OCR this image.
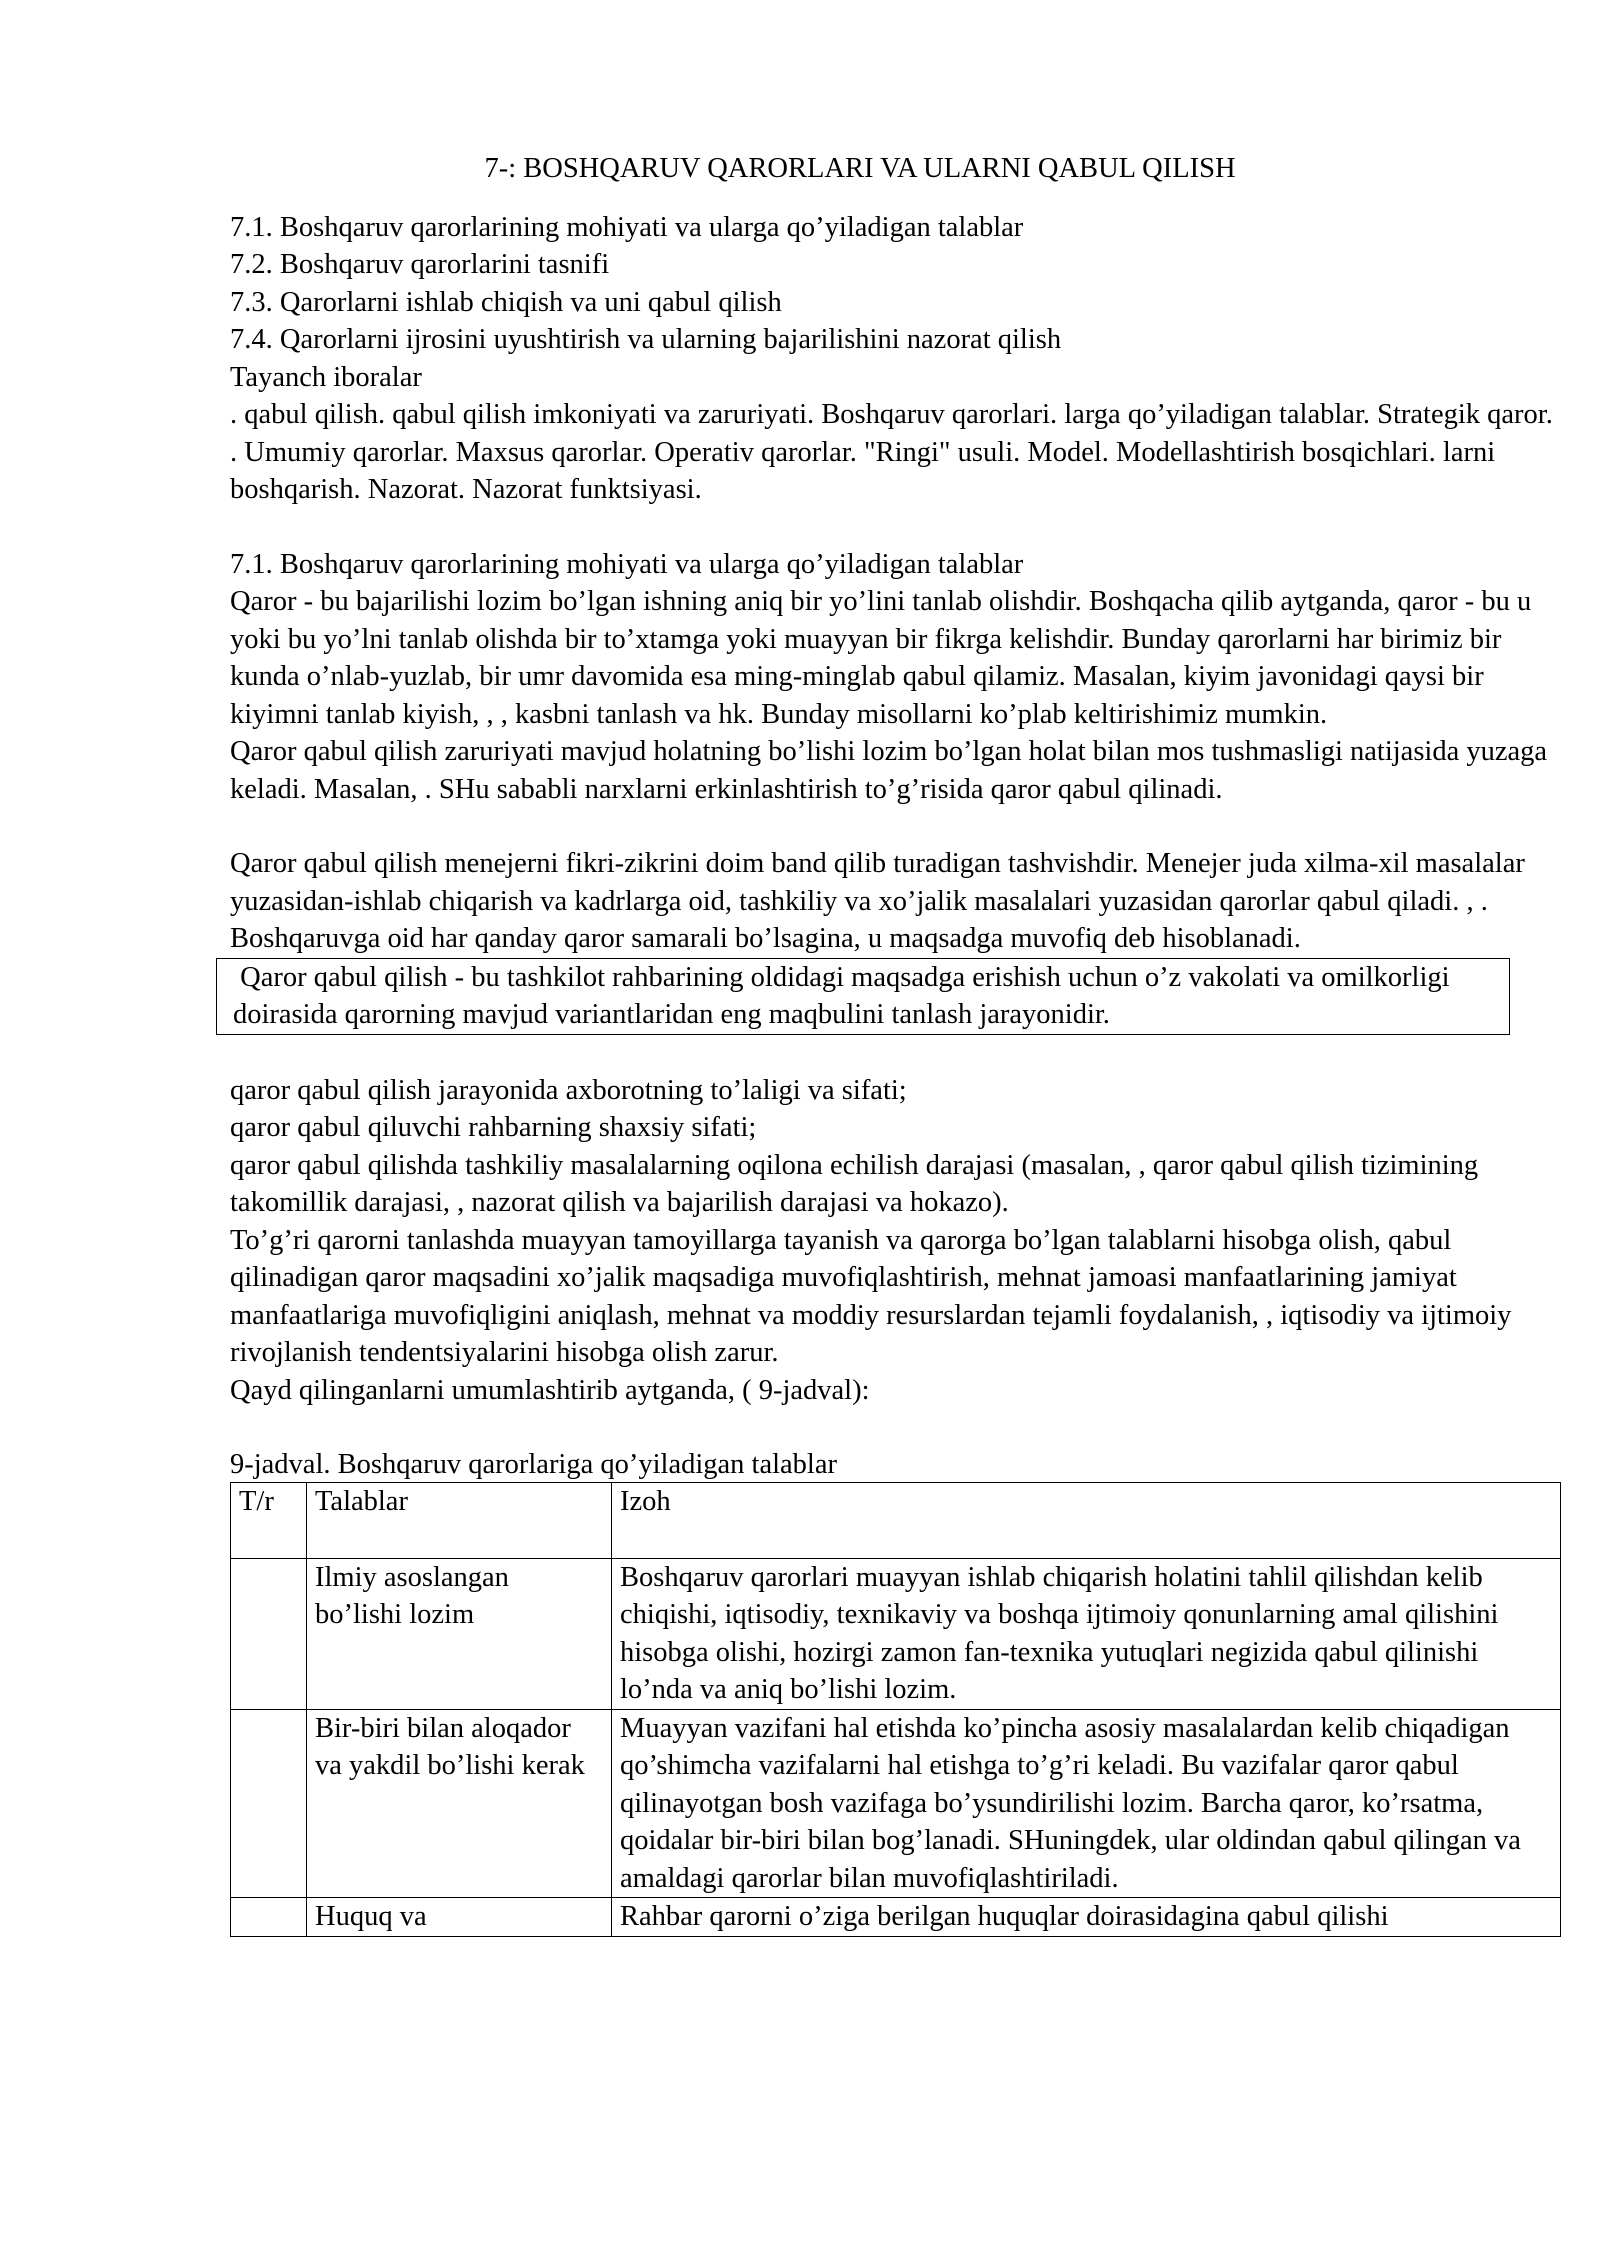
7-: BOSHQARUV QARORLARI VA ULARNI QABUL QILISH

7.1. Boshqaruv qarorlarining mohiyati va ularga qo’yiladigan talablar

7.2. Boshqaruv qarorlarini tasnifi

7.3. Qarorlarni ishlab chiqish va uni qabul qilish

7.4. Qarorlarni ijrosini uyushtirish va ularning bajarilishini nazorat qilish

Tayanch iboralar

. qabul qilish. qabul qilish imkoniyati va zaruriyati. Boshqaruv qarorlari. larga qo’yiladigan talablar. Strategik qaror. . Umumiy qarorlar. Maxsus qarorlar. Operativ qarorlar. "Ringi" usuli. Model. Modellashtirish bosqichlari. larni boshqarish. Nazorat. Nazorat funktsiyasi.

7.1. Boshqaruv qarorlarining mohiyati va ularga qo’yiladigan talablar

Qaror - bu bajarilishi lozim bo’lgan ishning aniq bir yo’lini tanlab olishdir. Boshqacha qilib aytganda, qaror - bu u yoki bu yo’lni tanlab olishda bir to’xtamga yoki muayyan bir fikrga kelishdir. Bunday qarorlarni har birimiz bir kunda o’nlab-yuzlab, bir umr davomida esa ming-minglab qabul qilamiz. Masalan, kiyim javonidagi qaysi bir kiyimni tanlab kiyish, , , kasbni tanlash va hk. Bunday misollarni ko’plab keltirishimiz mumkin.

Qaror qabul qilish zaruriyati mavjud holatning bo’lishi lozim bo’lgan holat bilan mos tushmasligi natijasida yuzaga keladi. Masalan, . SHu sababli narxlarni erkinlashtirish to’g’risida qaror qabul qilinadi.

Qaror qabul qilish menejerni fikri-zikrini doim band qilib turadigan tashvishdir. Menejer juda xilma-xil masalalar yuzasidan-ishlab chiqarish va kadrlarga oid, tashkiliy va xo’jalik masalalari yuzasidan qarorlar qabul qiladi. , . Boshqaruvga oid har qanday qaror samarali bo’lsagina, u maqsadga muvofiq deb hisoblanadi.

Qaror qabul qilish - bu tashkilot rahbarining oldidagi maqsadga erishish uchun o’z vakolati va omilkorligi doirasida qarorning mavjud variantlaridan eng maqbulini tanlash jarayonidir.

qaror qabul qilish jarayonida axborotning to’laligi va sifati;

qaror qabul qiluvchi rahbarning shaxsiy sifati;

qaror qabul qilishda tashkiliy masalalarning oqilona echilish darajasi (masalan, , qaror qabul qilish tizimining takomillik darajasi, , nazorat qilish va bajarilish darajasi va hokazo).

To’g’ri qarorni tanlashda muayyan tamoyillarga tayanish va qarorga bo’lgan talablarni hisobga olish, qabul qilinadigan qaror maqsadini xo’jalik maqsadiga muvofiqlashtirish, mehnat jamoasi manfaatlarining jamiyat manfaatlariga muvofiqligini aniqlash, mehnat va moddiy resurslardan tejamli foydalanish, , iqtisodiy va ijtimoiy rivojlanish tendentsiyalarini hisobga olish zarur.

Qayd qilinganlarni umumlashtirib aytganda, ( 9-jadval):

9-jadval. Boshqaruv qarorlariga qo’yiladigan talablar

T/r	Talablar	Izoh
	Ilmiy asoslangan bo’lishi lozim	Boshqaruv qarorlari muayyan ishlab chiqarish holatini tahlil qilishdan kelib chiqishi, iqtisodiy, texnikaviy va boshqa ijtimoiy qonunlarning amal qilishini hisobga olishi, hozirgi zamon fan-texnika yutuqlari negizida qabul qilinishi lo’nda va aniq bo’lishi lozim.
	Bir-biri bilan aloqador va yakdil bo’lishi kerak	Muayyan vazifani hal etishda ko’pincha asosiy masalalardan kelib chiqadigan qo’shimcha vazifalarni hal etishga to’g’ri keladi. Bu vazifalar qaror qabul qilinayotgan bosh vazifaga bo’ysundirilishi lozim. Barcha qaror, ko’rsatma, qoidalar bir-biri bilan bog’lanadi. SHuningdek, ular oldindan qabul qilingan va amaldagi qarorlar bilan muvofiqlashtiriladi.
	Huquq va	Rahbar qarorni o’ziga berilgan huquqlar doirasidagina qabul qilishi
